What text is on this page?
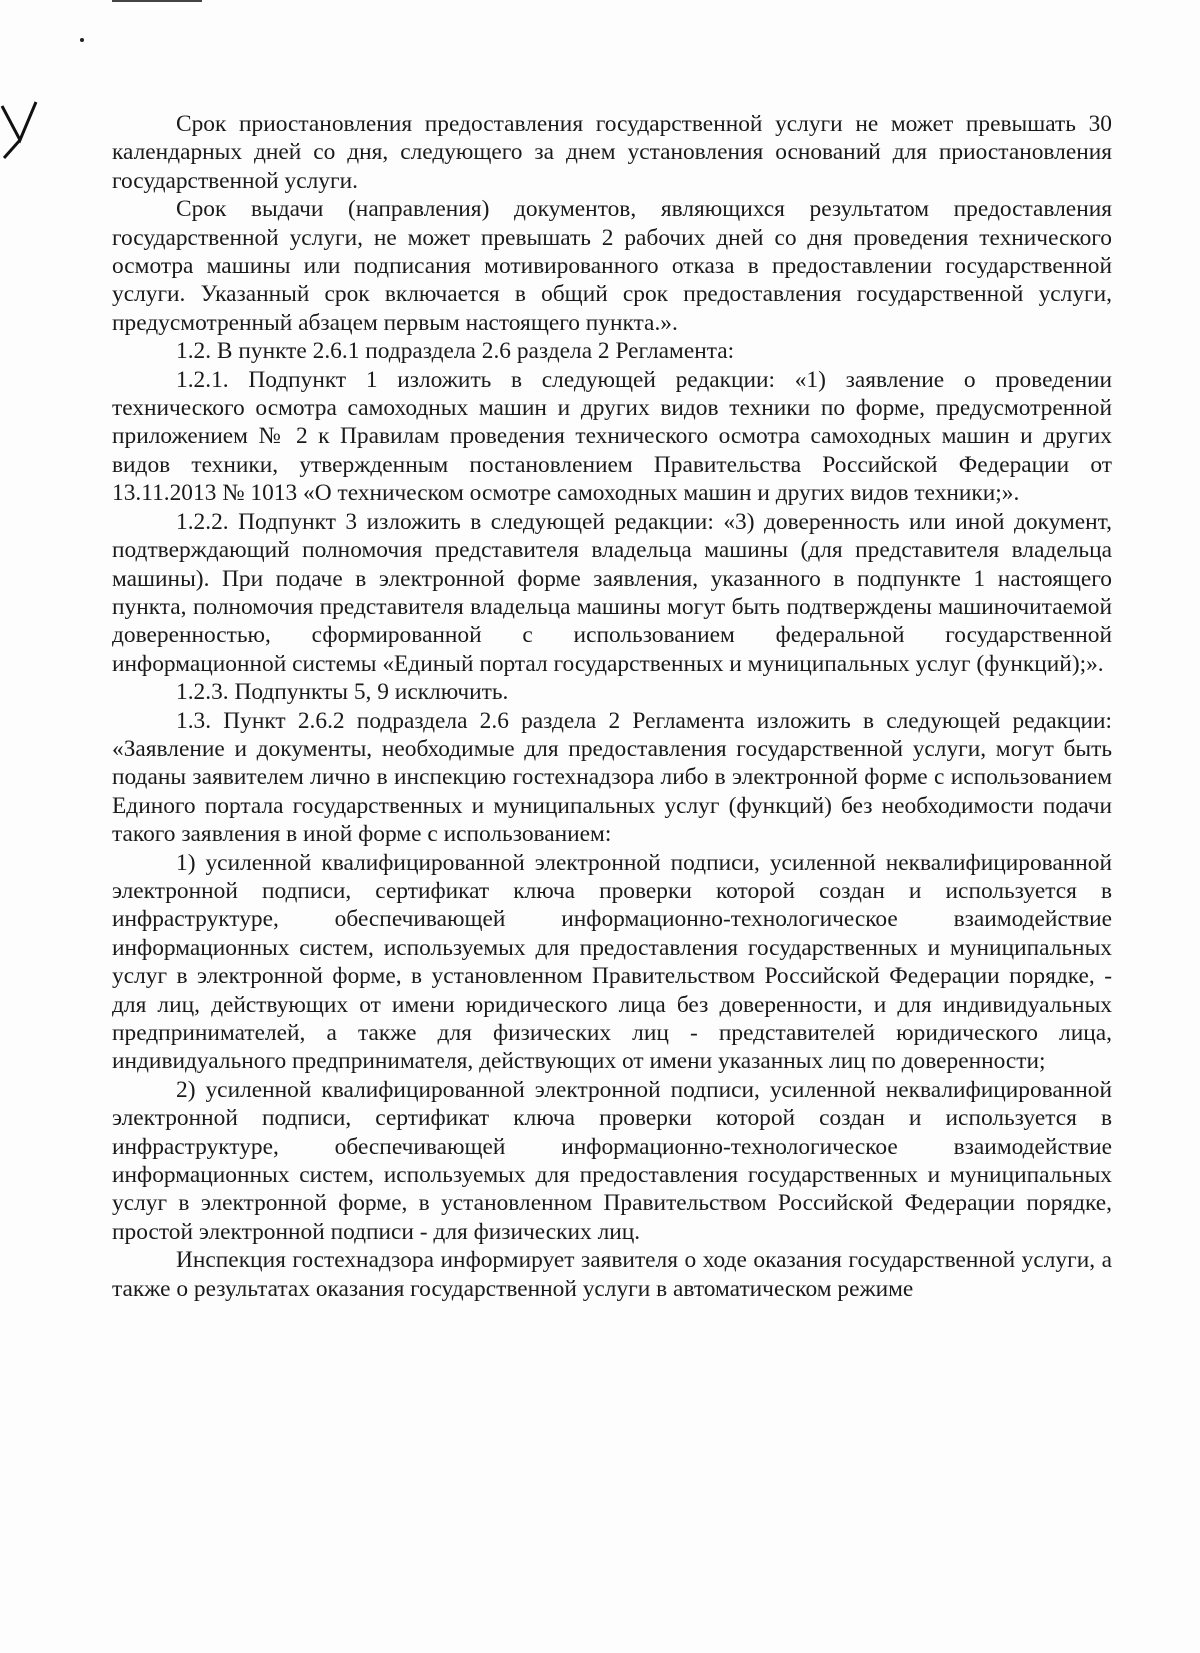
Срок приостановления предоставления государственной услуги не может превышать 30 календарных дней со дня, следующего за днем установления оснований для приостановления государственной услуги.

Срок выдачи (направления) документов, являющихся результатом предоставления государственной услуги, не может превышать 2 рабочих дней со дня проведения технического осмотра машины или подписания мотивированного отказа в предоставлении государственной услуги. Указанный срок включается в общий срок предоставления государственной услуги, предусмотренный абзацем первым настоящего пункта.».

1.2. В пункте 2.6.1 подраздела 2.6 раздела 2 Регламента:

1.2.1. Подпункт 1 изложить в следующей редакции: «1) заявление о проведении технического осмотра самоходных машин и других видов техники по форме, предусмотренной приложением № 2 к Правилам проведения технического осмотра самоходных машин и других видов техники, утвержденным постановлением Правительства Российской Федерации от 13.11.2013 № 1013 «О техническом осмотре самоходных машин и других видов техники;».

1.2.2. Подпункт 3 изложить в следующей редакции: «3) доверенность или иной документ, подтверждающий полномочия представителя владельца машины (для представителя владельца машины). При подаче в электронной форме заявления, указанного в подпункте 1 настоящего пункта, полномочия представителя владельца машины могут быть подтверждены машиночитаемой доверенностью, сформированной с использованием федеральной государственной информационной системы «Единый портал государственных и муниципальных услуг (функций);».

1.2.3. Подпункты 5, 9 исключить.

1.3. Пункт 2.6.2 подраздела 2.6 раздела 2 Регламента изложить в следующей редакции: «Заявление и документы, необходимые для предоставления государственной услуги, могут быть поданы заявителем лично в инспекцию гостехнадзора либо в электронной форме с использованием Единого портала государственных и муниципальных услуг (функций) без необходимости подачи такого заявления в иной форме с использованием:

1) усиленной квалифицированной электронной подписи, усиленной неквалифицированной электронной подписи, сертификат ключа проверки которой создан и используется в инфраструктуре, обеспечивающей информационно-технологическое взаимодействие информационных систем, используемых для предоставления государственных и муниципальных услуг в электронной форме, в установленном Правительством Российской Федерации порядке, - для лиц, действующих от имени юридического лица без доверенности, и для индивидуальных предпринимателей, а также для физических лиц - представителей юридического лица, индивидуального предпринимателя, действующих от имени указанных лиц по доверенности;

2) усиленной квалифицированной электронной подписи, усиленной неквалифицированной электронной подписи, сертификат ключа проверки которой создан и используется в инфраструктуре, обеспечивающей информационно-технологическое взаимодействие информационных систем, используемых для предоставления государственных и муниципальных услуг в электронной форме, в установленном Правительством Российской Федерации порядке, простой электронной подписи - для физических лиц.

Инспекция гостехнадзора информирует заявителя о ходе оказания государственной услуги, а также о результатах оказания государственной услуги в автоматическом режиме
